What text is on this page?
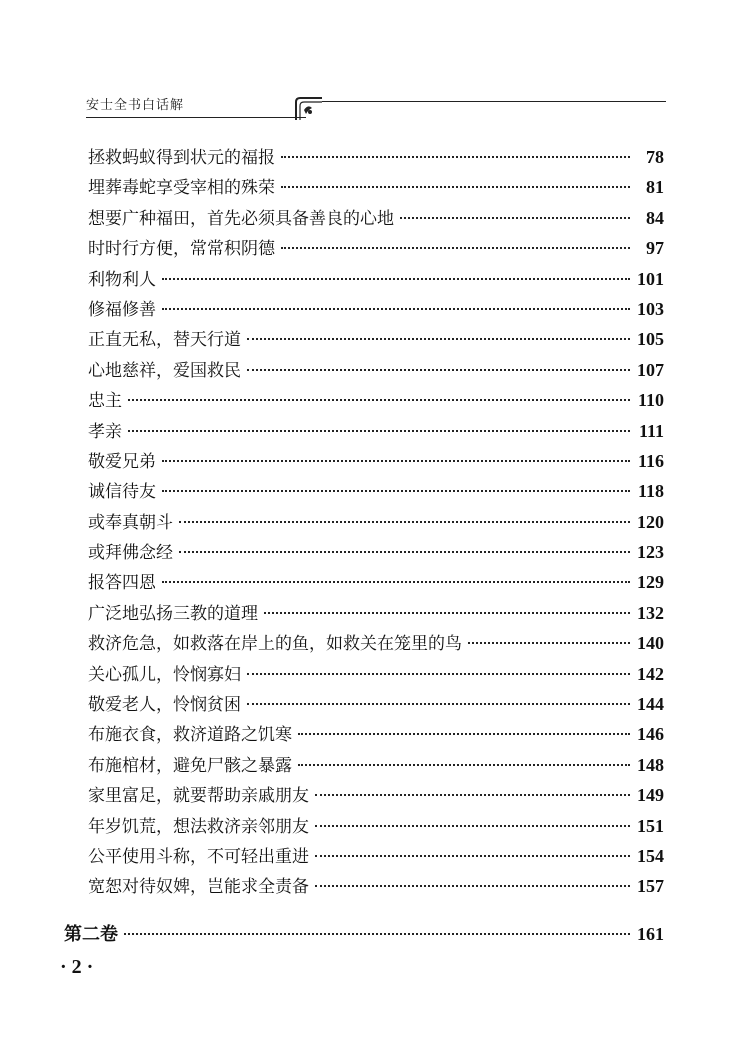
安士全书白话解
拯救蚂蚁得到状元的福报	78
埋葬毒蛇享受宰相的殊荣	81
想要广种福田，首先必须具备善良的心地	84
时时行方便，常常积阴德	97
利物利人	101
修福修善	103
正直无私，替天行道	105
心地慈祥，爱国救民	107
忠主	110
孝亲	111
敬爱兄弟	116
诚信待友	118
或奉真朝斗	120
或拜佛念经	123
报答四恩	129
广泛地弘扬三教的道理	132
救济危急，如救落在岸上的鱼，如救关在笼里的鸟	140
关心孤儿，怜悯寡妇	142
敬爱老人，怜悯贫困	144
布施衣食，救济道路之饥寒	146
布施棺材，避免尸骸之暴露	148
家里富足，就要帮助亲戚朋友	149
年岁饥荒，想法救济亲邻朋友	151
公平使用斗称，不可轻出重进	154
宽恕对待奴婢，岂能求全责备	157
第二卷	161
· 2 ·
